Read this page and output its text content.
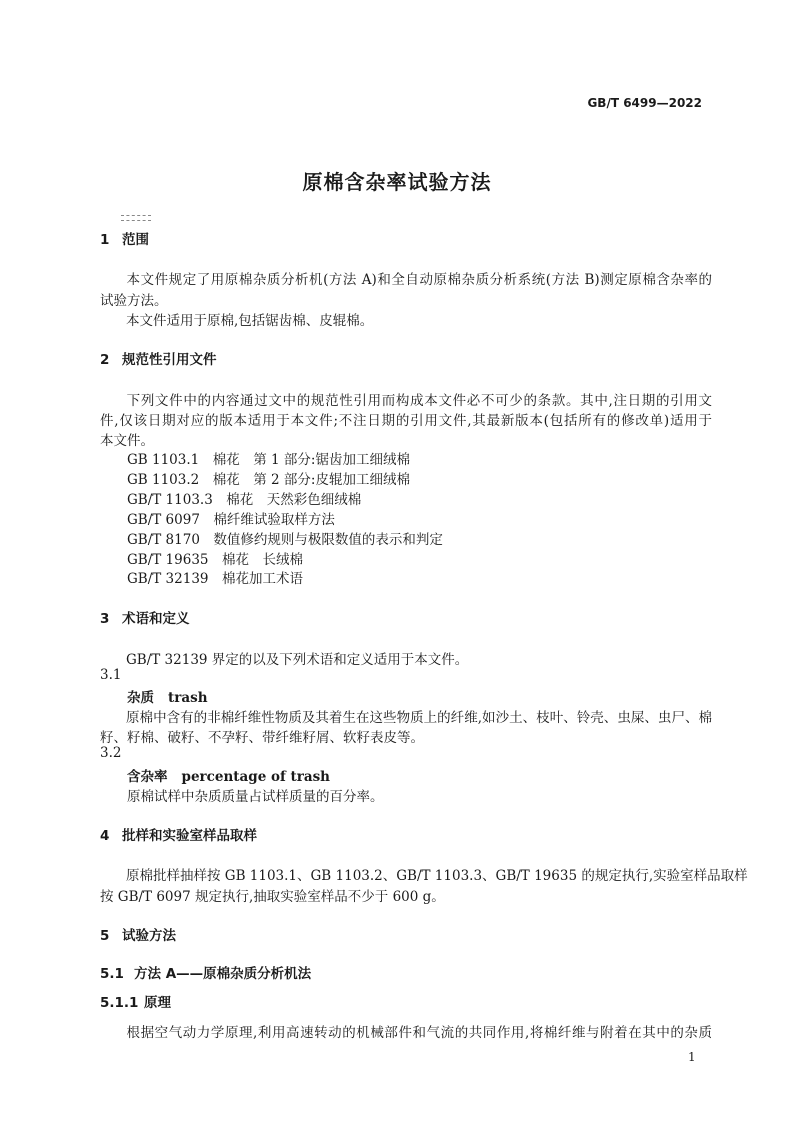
GB/T 6499—2022
原棉含杂率试验方法
1 范围
本文件规定了用原棉杂质分析机(方法 A)和全自动原棉杂质分析系统(方法 B)测定原棉含杂率的
试验方法。
本文件适用于原棉,包括锯齿棉、皮辊棉。
2 规范性引用文件
下列文件中的内容通过文中的规范性引用而构成本文件必不可少的条款。其中,注日期的引用文
件,仅该日期对应的版本适用于本文件;不注日期的引用文件,其最新版本(包括所有的修改单)适用于
本文件。
GB 1103.1　棉花　第 1 部分:锯齿加工细绒棉
GB 1103.2　棉花　第 2 部分:皮辊加工细绒棉
GB/T 1103.3　棉花　天然彩色细绒棉
GB/T 6097　棉纤维试验取样方法
GB/T 8170　数值修约规则与极限数值的表示和判定
GB/T 19635　棉花　长绒棉
GB/T 32139　棉花加工术语
3 术语和定义
GB/T 32139 界定的以及下列术语和定义适用于本文件。
3.1
杂质 trash
原棉中含有的非棉纤维性物质及其着生在这些物质上的纤维,如沙土、枝叶、铃壳、虫屎、虫尸、棉
籽、籽棉、破籽、不孕籽、带纤维籽屑、软籽表皮等。
3.2
含杂率 percentage of trash
原棉试样中杂质质量占试样质量的百分率。
4 批样和实验室样品取样
原棉批样抽样按 GB 1103.1、GB 1103.2、GB/T 1103.3、GB/T 19635 的规定执行,实验室样品取样
按 GB/T 6097 规定执行,抽取实验室样品不少于 600 g。
5 试验方法
5.1 方法 A——原棉杂质分析机法
5.1.1 原理
根据空气动力学原理,利用高速转动的机械部件和气流的共同作用,将棉纤维与附着在其中的杂质
1
